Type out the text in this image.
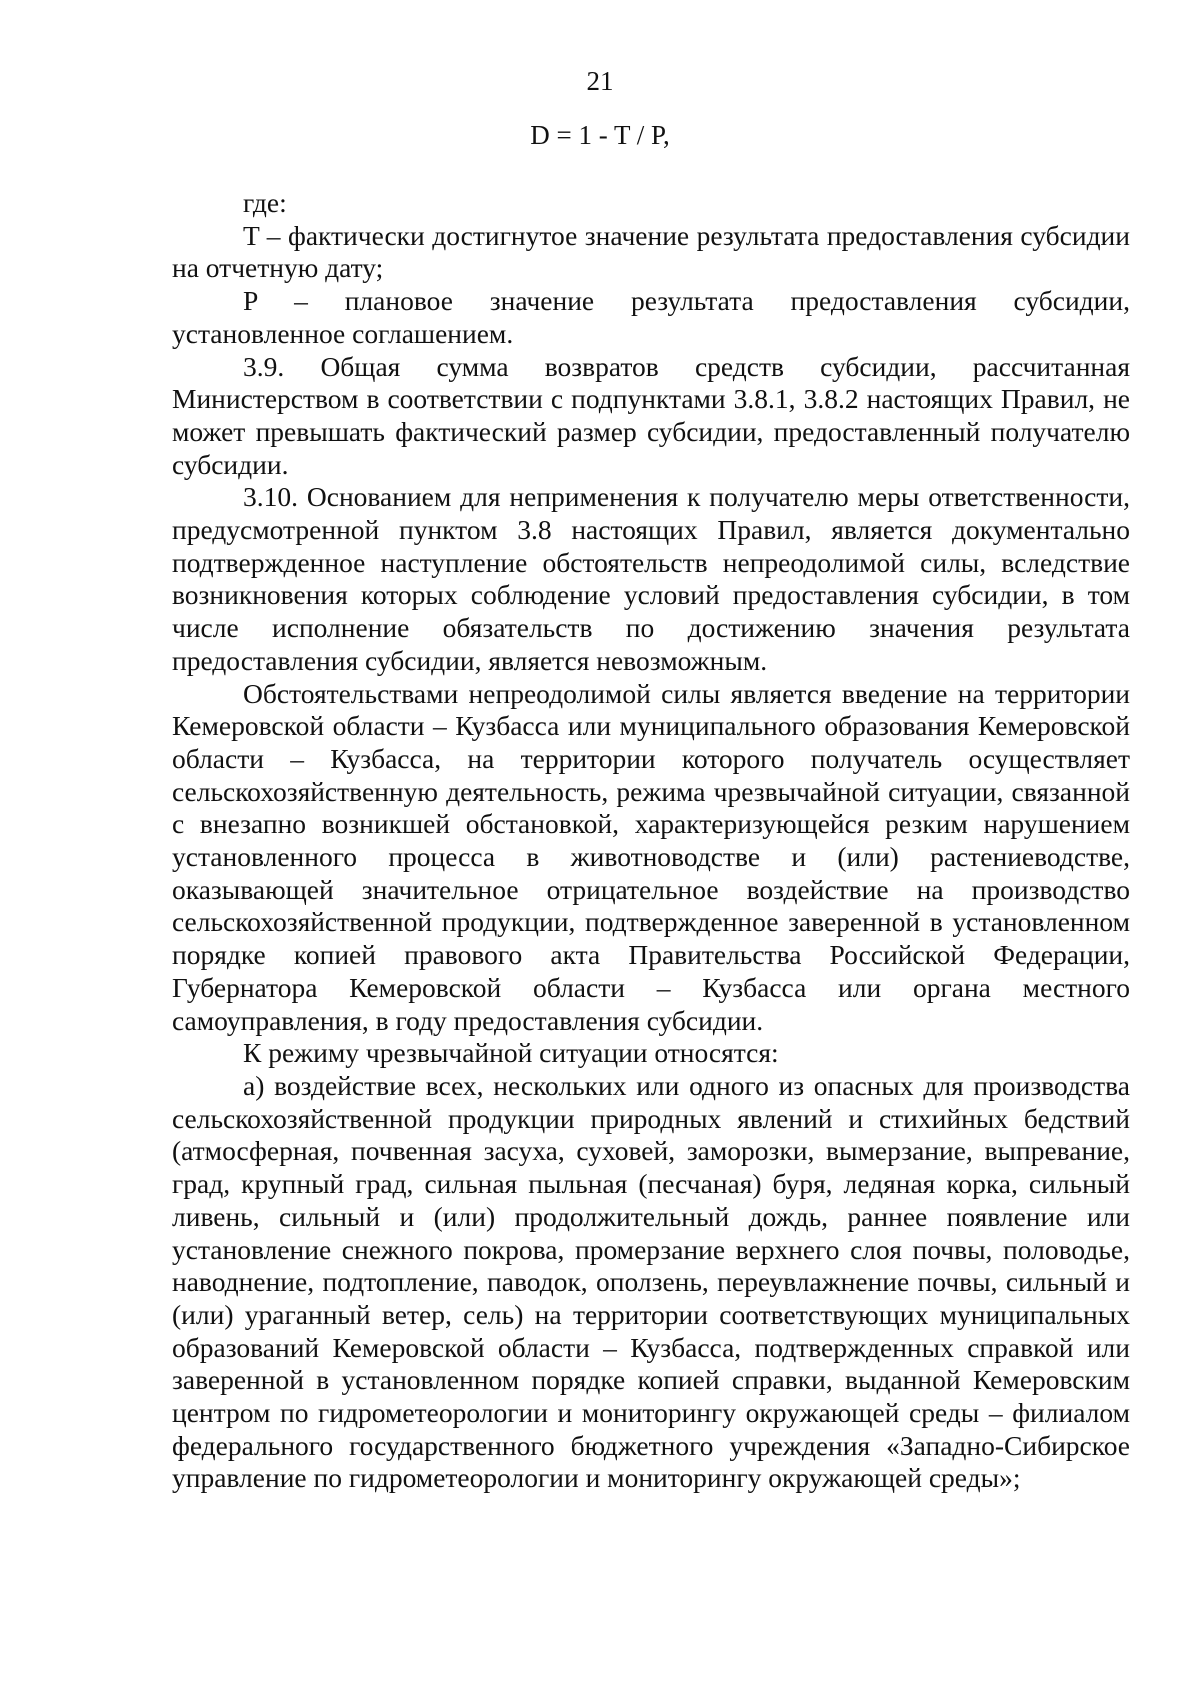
21
D = 1 - T / P,

где:

T – фактически достигнутое значение результата предоставления субсидии на отчетную дату;

P – плановое значение результата предоставления субсидии, установленное соглашением.

3.9. Общая сумма возвратов средств субсидии, рассчитанная Министерством в соответствии с подпунктами 3.8.1, 3.8.2 настоящих Правил, не может превышать фактический размер субсидии, предоставленный получателю субсидии.

3.10. Основанием для неприменения к получателю меры ответственности, предусмотренной пунктом 3.8 настоящих Правил, является документально подтвержденное наступление обстоятельств непреодолимой силы, вследствие возникновения которых соблюдение условий предоставления субсидии, в том числе исполнение обязательств по достижению значения результата предоставления субсидии, является невозможным.

Обстоятельствами непреодолимой силы является введение на территории Кемеровской области – Кузбасса или муниципального образования Кемеровской области – Кузбасса, на территории которого получатель осуществляет сельскохозяйственную деятельность, режима чрезвычайной ситуации, связанной с внезапно возникшей обстановкой, характеризующейся резким нарушением установленного процесса в животноводстве и (или) растениеводстве, оказывающей значительное отрицательное воздействие на производство сельскохозяйственной продукции, подтвержденное заверенной в установленном порядке копией правового акта Правительства Российской Федерации, Губернатора Кемеровской области – Кузбасса или органа местного самоуправления, в году предоставления субсидии.

К режиму чрезвычайной ситуации относятся:

а) воздействие всех, нескольких или одного из опасных для производства сельскохозяйственной продукции природных явлений и стихийных бедствий (атмосферная, почвенная засуха, суховей, заморозки, вымерзание, выпревание, град, крупный град, сильная пыльная (песчаная) буря, ледяная корка, сильный ливень, сильный и (или) продолжительный дождь, раннее появление или установление снежного покрова, промерзание верхнего слоя почвы, половодье, наводнение, подтопление, паводок, оползень, переувлажнение почвы, сильный и (или) ураганный ветер, сель) на территории соответствующих муниципальных образований Кемеровской области – Кузбасса, подтвержденных справкой или заверенной в установленном порядке копией справки, выданной Кемеровским центром по гидрометеорологии и мониторингу окружающей среды – филиалом федерального государственного бюджетного учреждения «Западно-Сибирское управление по гидрометеорологии и мониторингу окружающей среды»;
